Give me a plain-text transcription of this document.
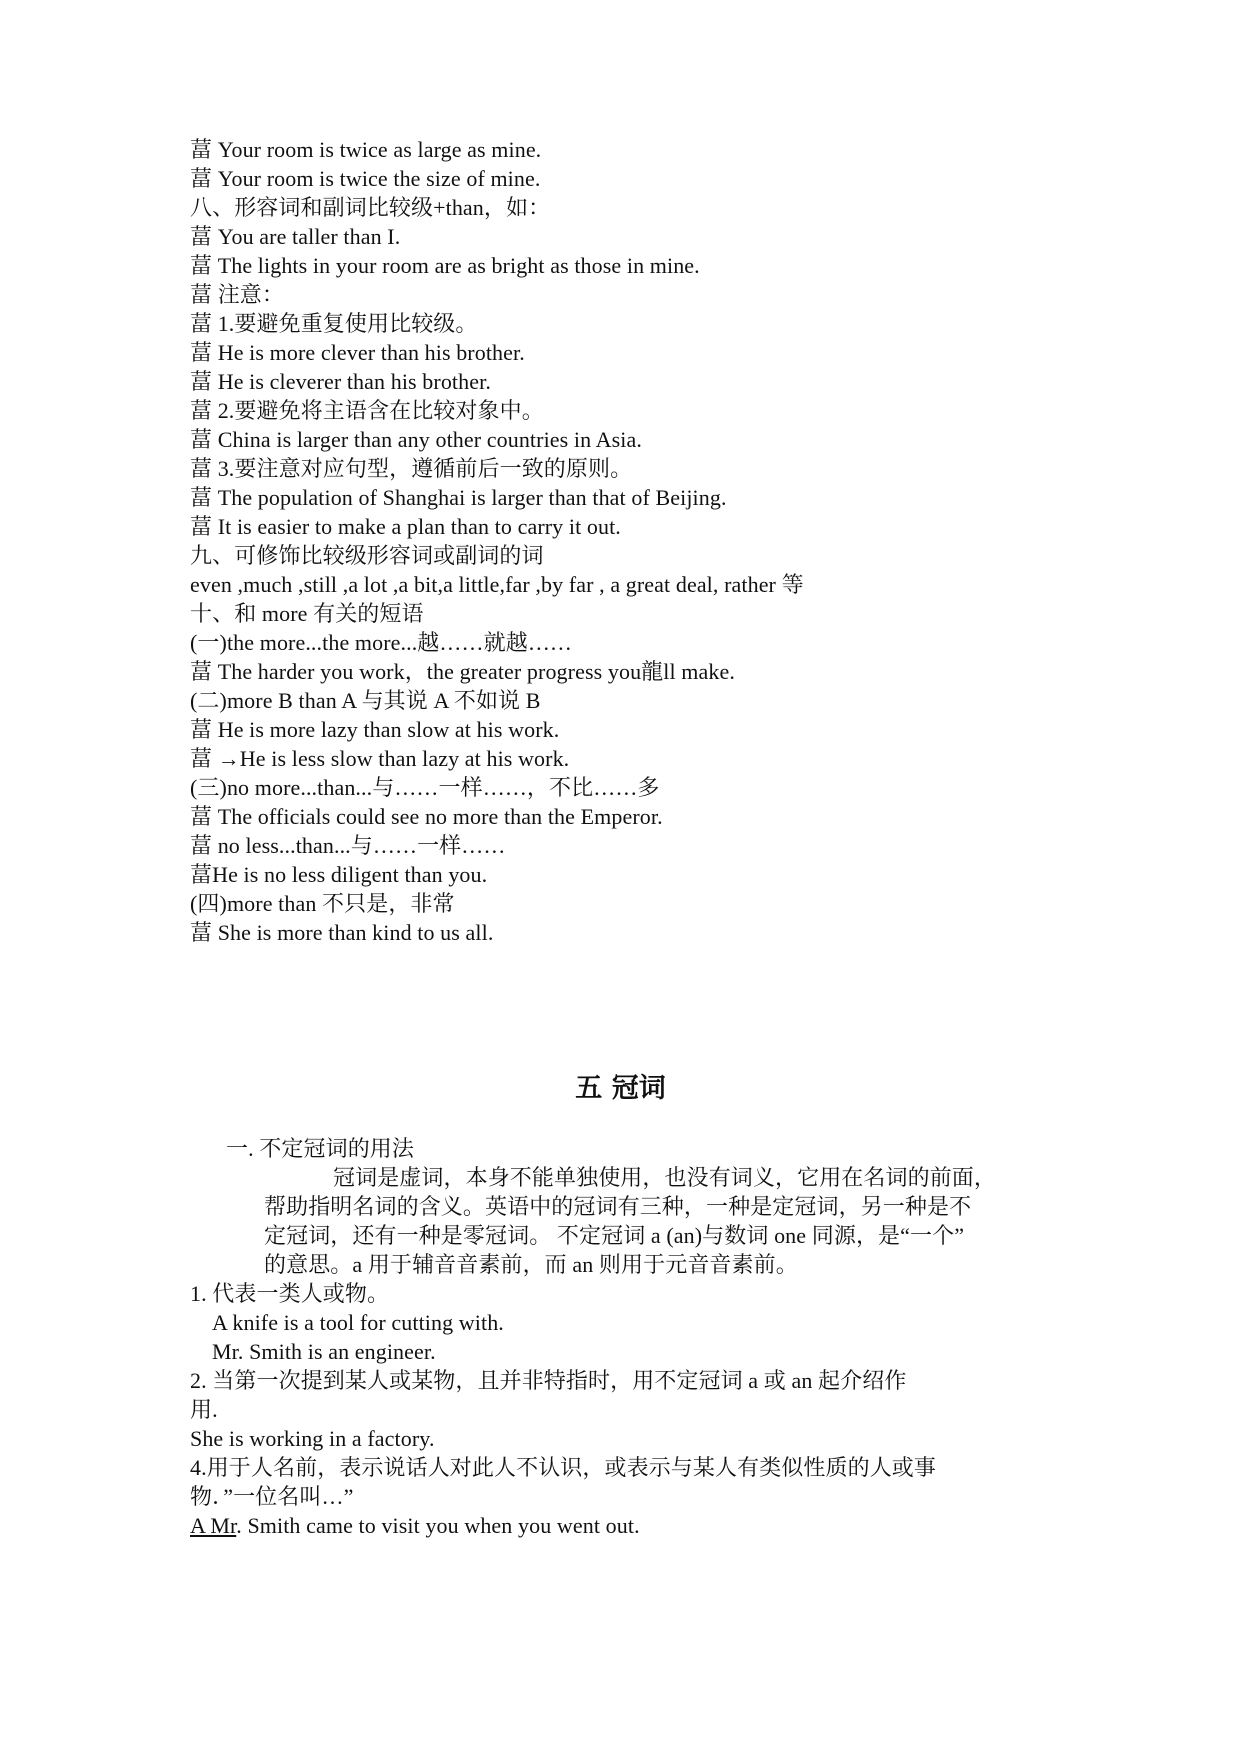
葍 Your room is twice as large as mine.
葍 Your room is twice the size of mine.
八、形容词和副词比较级+than，如：
葍 You are taller than I.
葍 The lights in your room are as bright as those in mine.
葍 注意：
葍 1.要避免重复使用比较级。
葍 He is more clever than his brother.
葍 He is cleverer than his brother.
葍 2.要避免将主语含在比较对象中。
葍 China is larger than any other countries in Asia.
葍 3.要注意对应句型，遵循前后一致的原则。
葍 The population of Shanghai is larger than that of Beijing.
葍 It is easier to make a plan than to carry it out.
九、可修饰比较级形容词或副词的词
even ,much ,still ,a lot ,a bit,a little,far ,by far , a great deal, rather 等
十、和 more 有关的短语
(一)the more...the more...越……就越……
葍 The harder you work，the greater progress you龍ll make.
(二)more B than A 与其说 A 不如说 B
葍 He is more lazy than slow at his work.
葍 →He is less slow than lazy at his work.
(三)no more...than...与……一样……，不比……多
葍 The officials could see no more than the Emperor.
葍 no less...than...与……一样……
葍He is no less diligent than you.
(四)more than 不只是，非常
葍 She is more than kind to us all.
五 冠词
一. 不定冠词的用法
冠词是虚词，本身不能单独使用，也没有词义，它用在名词的前面，
帮助指明名词的含义。英语中的冠词有三种，一种是定冠词，另一种是不
定冠词，还有一种是零冠词。 不定冠词 a (an)与数词 one 同源，是“一个”
的意思。a 用于辅音音素前，而 an 则用于元音音素前。
1. 代表一类人或物。
A knife is a tool for cutting with.
Mr. Smith is an engineer.
2. 当第一次提到某人或某物，且并非特指时，用不定冠词 a 或 an 起介绍作
用.
She is working in a factory.
4.用于人名前，表示说话人对此人不认识，或表示与某人有类似性质的人或事
物．”一位名叫…”
A Mr. Smith came to visit you when you went out.
